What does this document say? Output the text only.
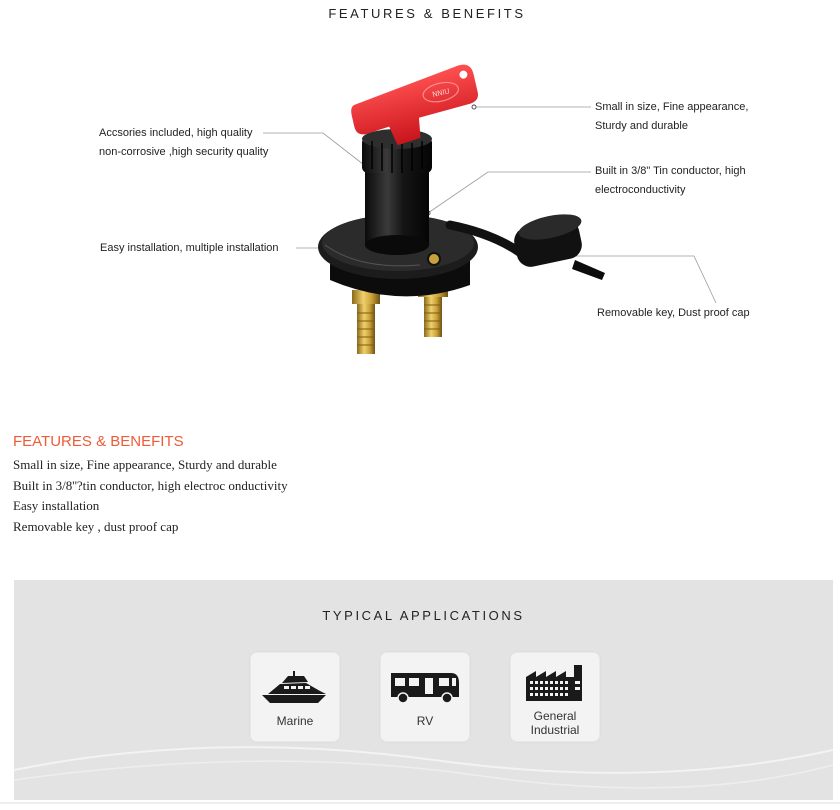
FEATURES & BENEFITS
Accsories included, high quality
non-corrosive ,high security quality
Easy installation, multiple installation
Small in size, Fine appearance,
Sturdy and durable
Built in 3/8" Tin conductor, high
electroconductivity
Removable key, Dust proof cap
NNIU
FEATURES & BENEFITS
Small in size, Fine appearance, Sturdy and durable
Built in 3/8''?tin conductor, high electroc onductivity
Easy installation
Removable key , dust proof cap
TYPICAL APPLICATIONS
Marine	RV	General
Industrial
